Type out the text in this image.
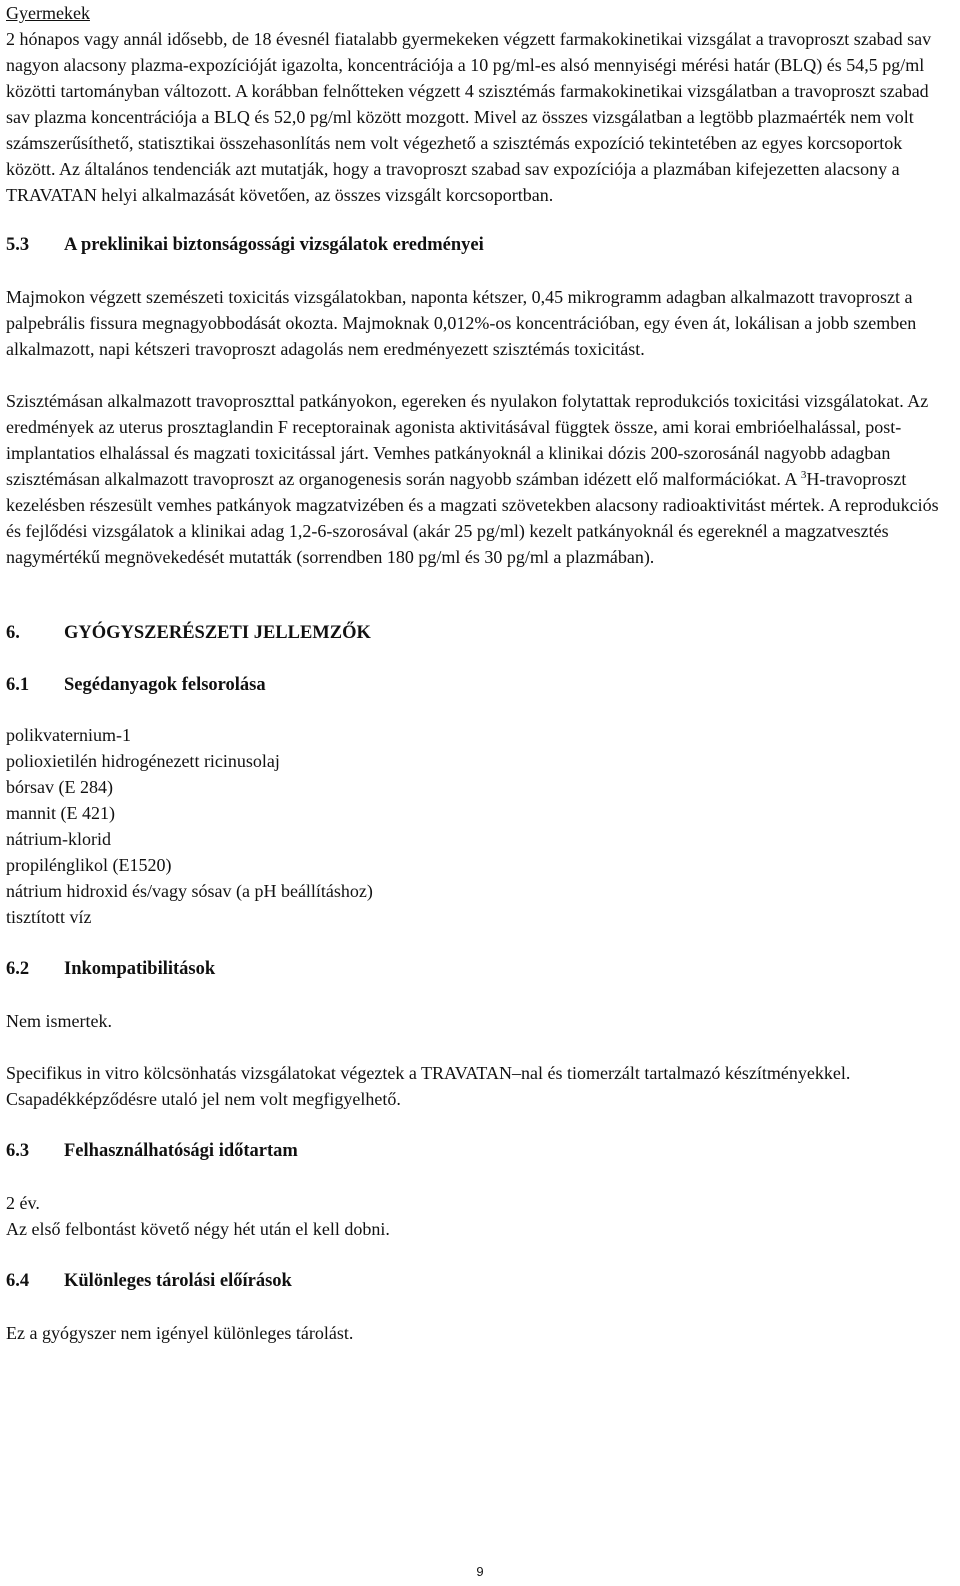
Gyermekek

2 hónapos vagy annál idősebb, de 18 évesnél fiatalabb gyermekeken végzett farmakokinetikai vizsgálat a travoproszt szabad sav nagyon alacsony plazma-expozícióját igazolta, koncentrációja a 10 pg/ml-es alsó mennyiségi mérési határ (BLQ) és 54,5 pg/ml közötti tartományban változott. A korábban felnőtteken végzett 4 szisztémás farmakokinetikai vizsgálatban a travoproszt szabad sav plazma koncentrációja a BLQ és 52,0 pg/ml között mozgott. Mivel az összes vizsgálatban a legtöbb plazmaérték nem volt számszerűsíthető, statisztikai összehasonlítás nem volt végezhető a szisztémás expozíció tekintetében az egyes korcsoportok között. Az általános tendenciák azt mutatják, hogy a travoproszt szabad sav expozíciója a plazmában kifejezetten alacsony a TRAVATAN helyi alkalmazását követően, az összes vizsgált korcsoportban.

5.3 A preklinikai biztonságossági vizsgálatok eredményei

Majmokon végzett szemészeti toxicitás vizsgálatokban, naponta kétszer, 0,45 mikrogramm adagban alkalmazott travoproszt a palpebrális fissura megnagyobbodását okozta. Majmoknak 0,012%-os koncentrációban, egy éven át, lokálisan a jobb szemben alkalmazott, napi kétszeri travoproszt adagolás nem eredményezett szisztémás toxicitást.

Szisztémásan alkalmazott travoproszttal patkányokon, egereken és nyulakon folytattak reprodukciós toxicitási vizsgálatokat. Az eredmények az uterus prosztaglandin F receptorainak agonista aktivitásával függtek össze, ami korai embrióelhalással, post-implantatios elhalással és magzati toxicitással járt. Vemhes patkányoknál a klinikai dózis 200-szorosánál nagyobb adagban szisztémásan alkalmazott travoproszt az organogenesis során nagyobb számban idézett elő malformációkat. A $^3$H-travoproszt kezelésben részesült vemhes patkányok magzatvizében és a magzati szövetekben alacsony radioaktivitást mértek. A reprodukciós és fejlődési vizsgálatok a klinikai adag 1,2-6-szorosával (akár 25 pg/ml) kezelt patkányoknál és egereknél a magzatvesztés nagymértékű megnövekedését mutatták (sorrendben 180 pg/ml és 30 pg/ml a plazmában).

6. GYÓGYSZERÉSZETI JELLEMZŐK

6.1 Segédanyagok felsorolása

polikvaternium-1

polioxietilén hidrogénezett ricinusolaj

bórsav (E 284)

mannit (E 421)

nátrium-klorid

propilénglikol (E1520)

nátrium hidroxid és/vagy sósav (a pH beállításhoz)

tisztított víz

6.2 Inkompatibilitások

Nem ismertek.

Specifikus in vitro kölcsönhatás vizsgálatokat végeztek a TRAVATAN–nal és tiomerzált tartalmazó készítményekkel. Csapadékképződésre utaló jel nem volt megfigyelhető.

6.3 Felhasználhatósági időtartam

2 év.

Az első felbontást követő négy hét után el kell dobni.

6.4 Különleges tárolási előírások

Ez a gyógyszer nem igényel különleges tárolást.

9
